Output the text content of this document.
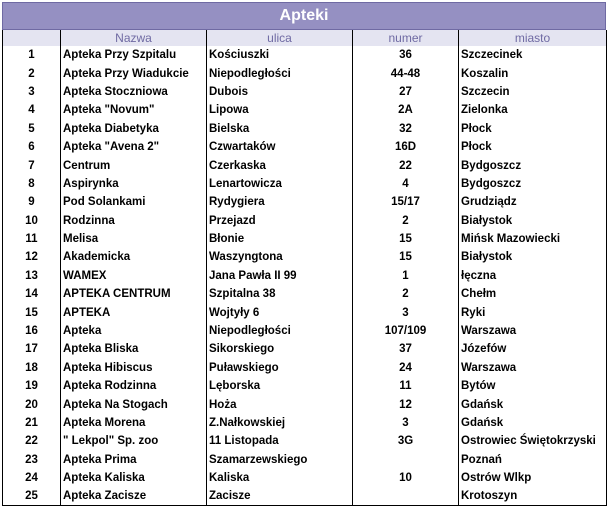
Apteki
	Nazwa	ulica	numer	miasto
1	Apteka Przy Szpitalu	Kościuszki	36	Szczecinek
2	Apteka Przy Wiadukcie	Niepodległości	44-48	Koszalin
3	Apteka Stoczniowa	Dubois	27	Szczecin
4	Apteka "Novum"	Lipowa	2A	Zielonka
5	Apteka Diabetyka	Bielska	32	Płock
6	Apteka "Avena 2"	Czwartaków	16D	Płock
7	Centrum	Czerkaska	22	Bydgoszcz
8	Aspirynka	Lenartowicza	4	Bydgoszcz
9	Pod Solankami	Rydygiera	15/17	Grudziądz
10	Rodzinna	Przejazd	2	Białystok
11	Melisa	Błonie	15	Mińsk Mazowiecki
12	Akademicka	Waszyngtona	15	Białystok
13	WAMEX	Jana Pawła II 99	1	łęczna
14	APTEKA CENTRUM	Szpitalna 38	2	Chełm
15	APTEKA	Wojtyły 6	3	Ryki
16	Apteka	Niepodległości	107/109	Warszawa
17	Apteka Bliska	Sikorskiego	37	Józefów
18	Apteka Hibiscus	Puławskiego	24	Warszawa
19	Apteka Rodzinna	Lęborska	11	Bytów
20	Apteka Na Stogach	Hoża	12	Gdańsk
21	Apteka Morena	Z.Nałkowskiej	3	Gdańsk
22	" Lekpol" Sp. zoo	11 Listopada	3G	Ostrowiec Świętokrzyski
23	Apteka Prima	Szamarzewskiego		Poznań
24	Apteka Kaliska	Kaliska	10	Ostrów Wlkp
25	Apteka Zacisze	Zacisze		Krotoszyn
